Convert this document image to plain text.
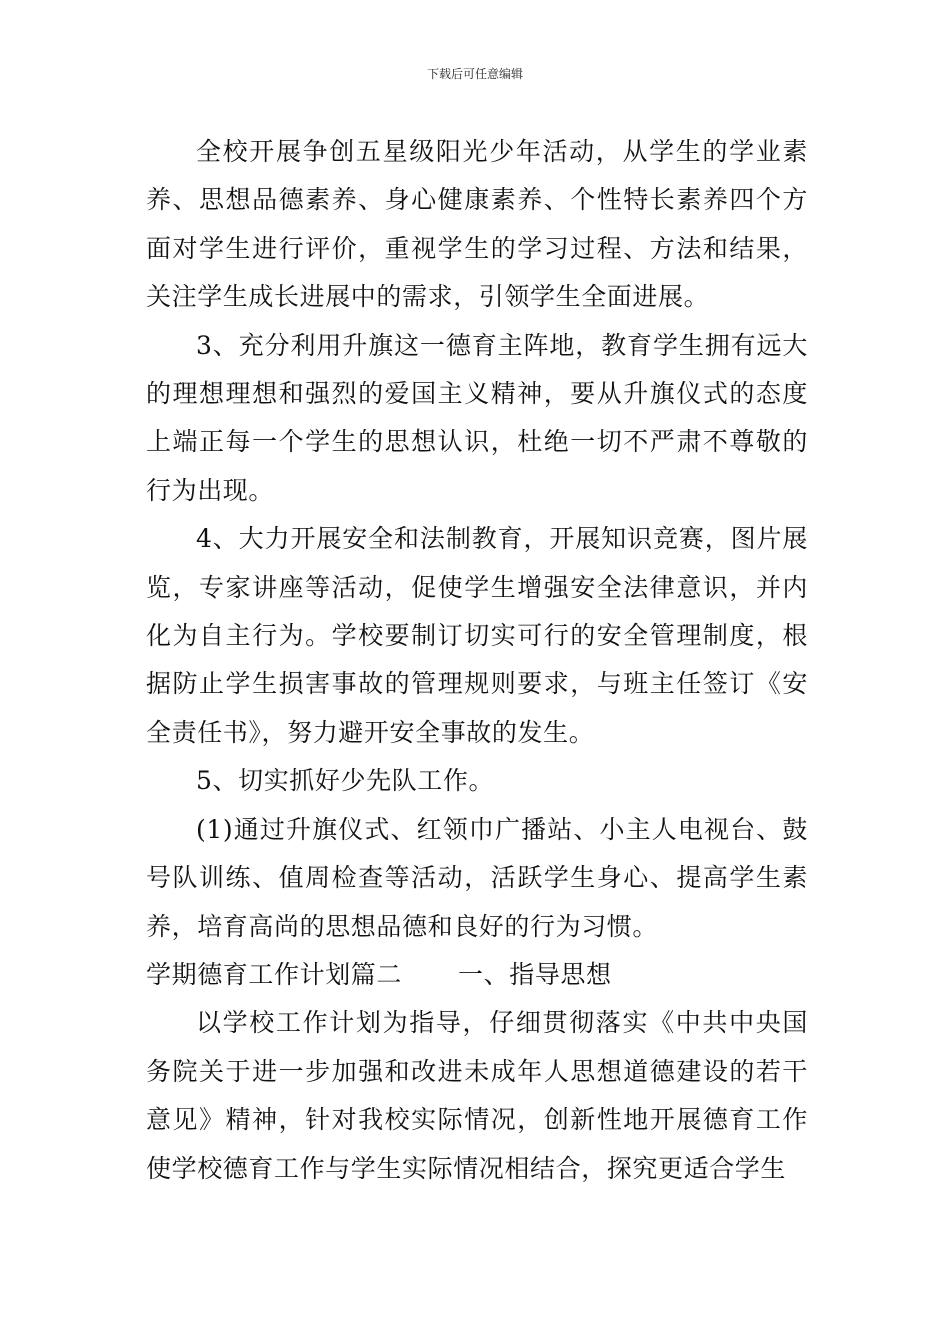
下载后可任意编辑

全校开展争创五星级阳光少年活动，从学生的学业素养、思想品德素养、身心健康素养、个性特长素养四个方面对学生进行评价，重视学生的学习过程、方法和结果，关注学生成长进展中的需求，引领学生全面进展。

3、充分利用升旗这一德育主阵地，教育学生拥有远大的理想理想和强烈的爱国主义精神，要从升旗仪式的态度上端正每一个学生的思想认识，杜绝一切不严肃不尊敬的行为出现。

4、大力开展安全和法制教育，开展知识竞赛，图片展览，专家讲座等活动，促使学生增强安全法律意识，并内化为自主行为。学校要制订切实可行的安全管理制度，根据防止学生损害事故的管理规则要求，与班主任签订《安全责任书》，努力避开安全事故的发生。

5、切实抓好少先队工作。

(1)通过升旗仪式、红领巾广播站、小主人电视台、鼓号队训练、值周检查等活动，活跃学生身心、提高学生素养，培育高尚的思想品德和良好的行为习惯。

学期德育工作计划篇二 一、指导思想

以学校工作计划为指导，仔细贯彻落实《中共中央国务院关于进一步加强和改进未成年人思想道德建设的若干意见》精神，针对我校实际情况，创新性地开展德育工作使学校德育工作与学生实际情况相结合，探究更适合学生
